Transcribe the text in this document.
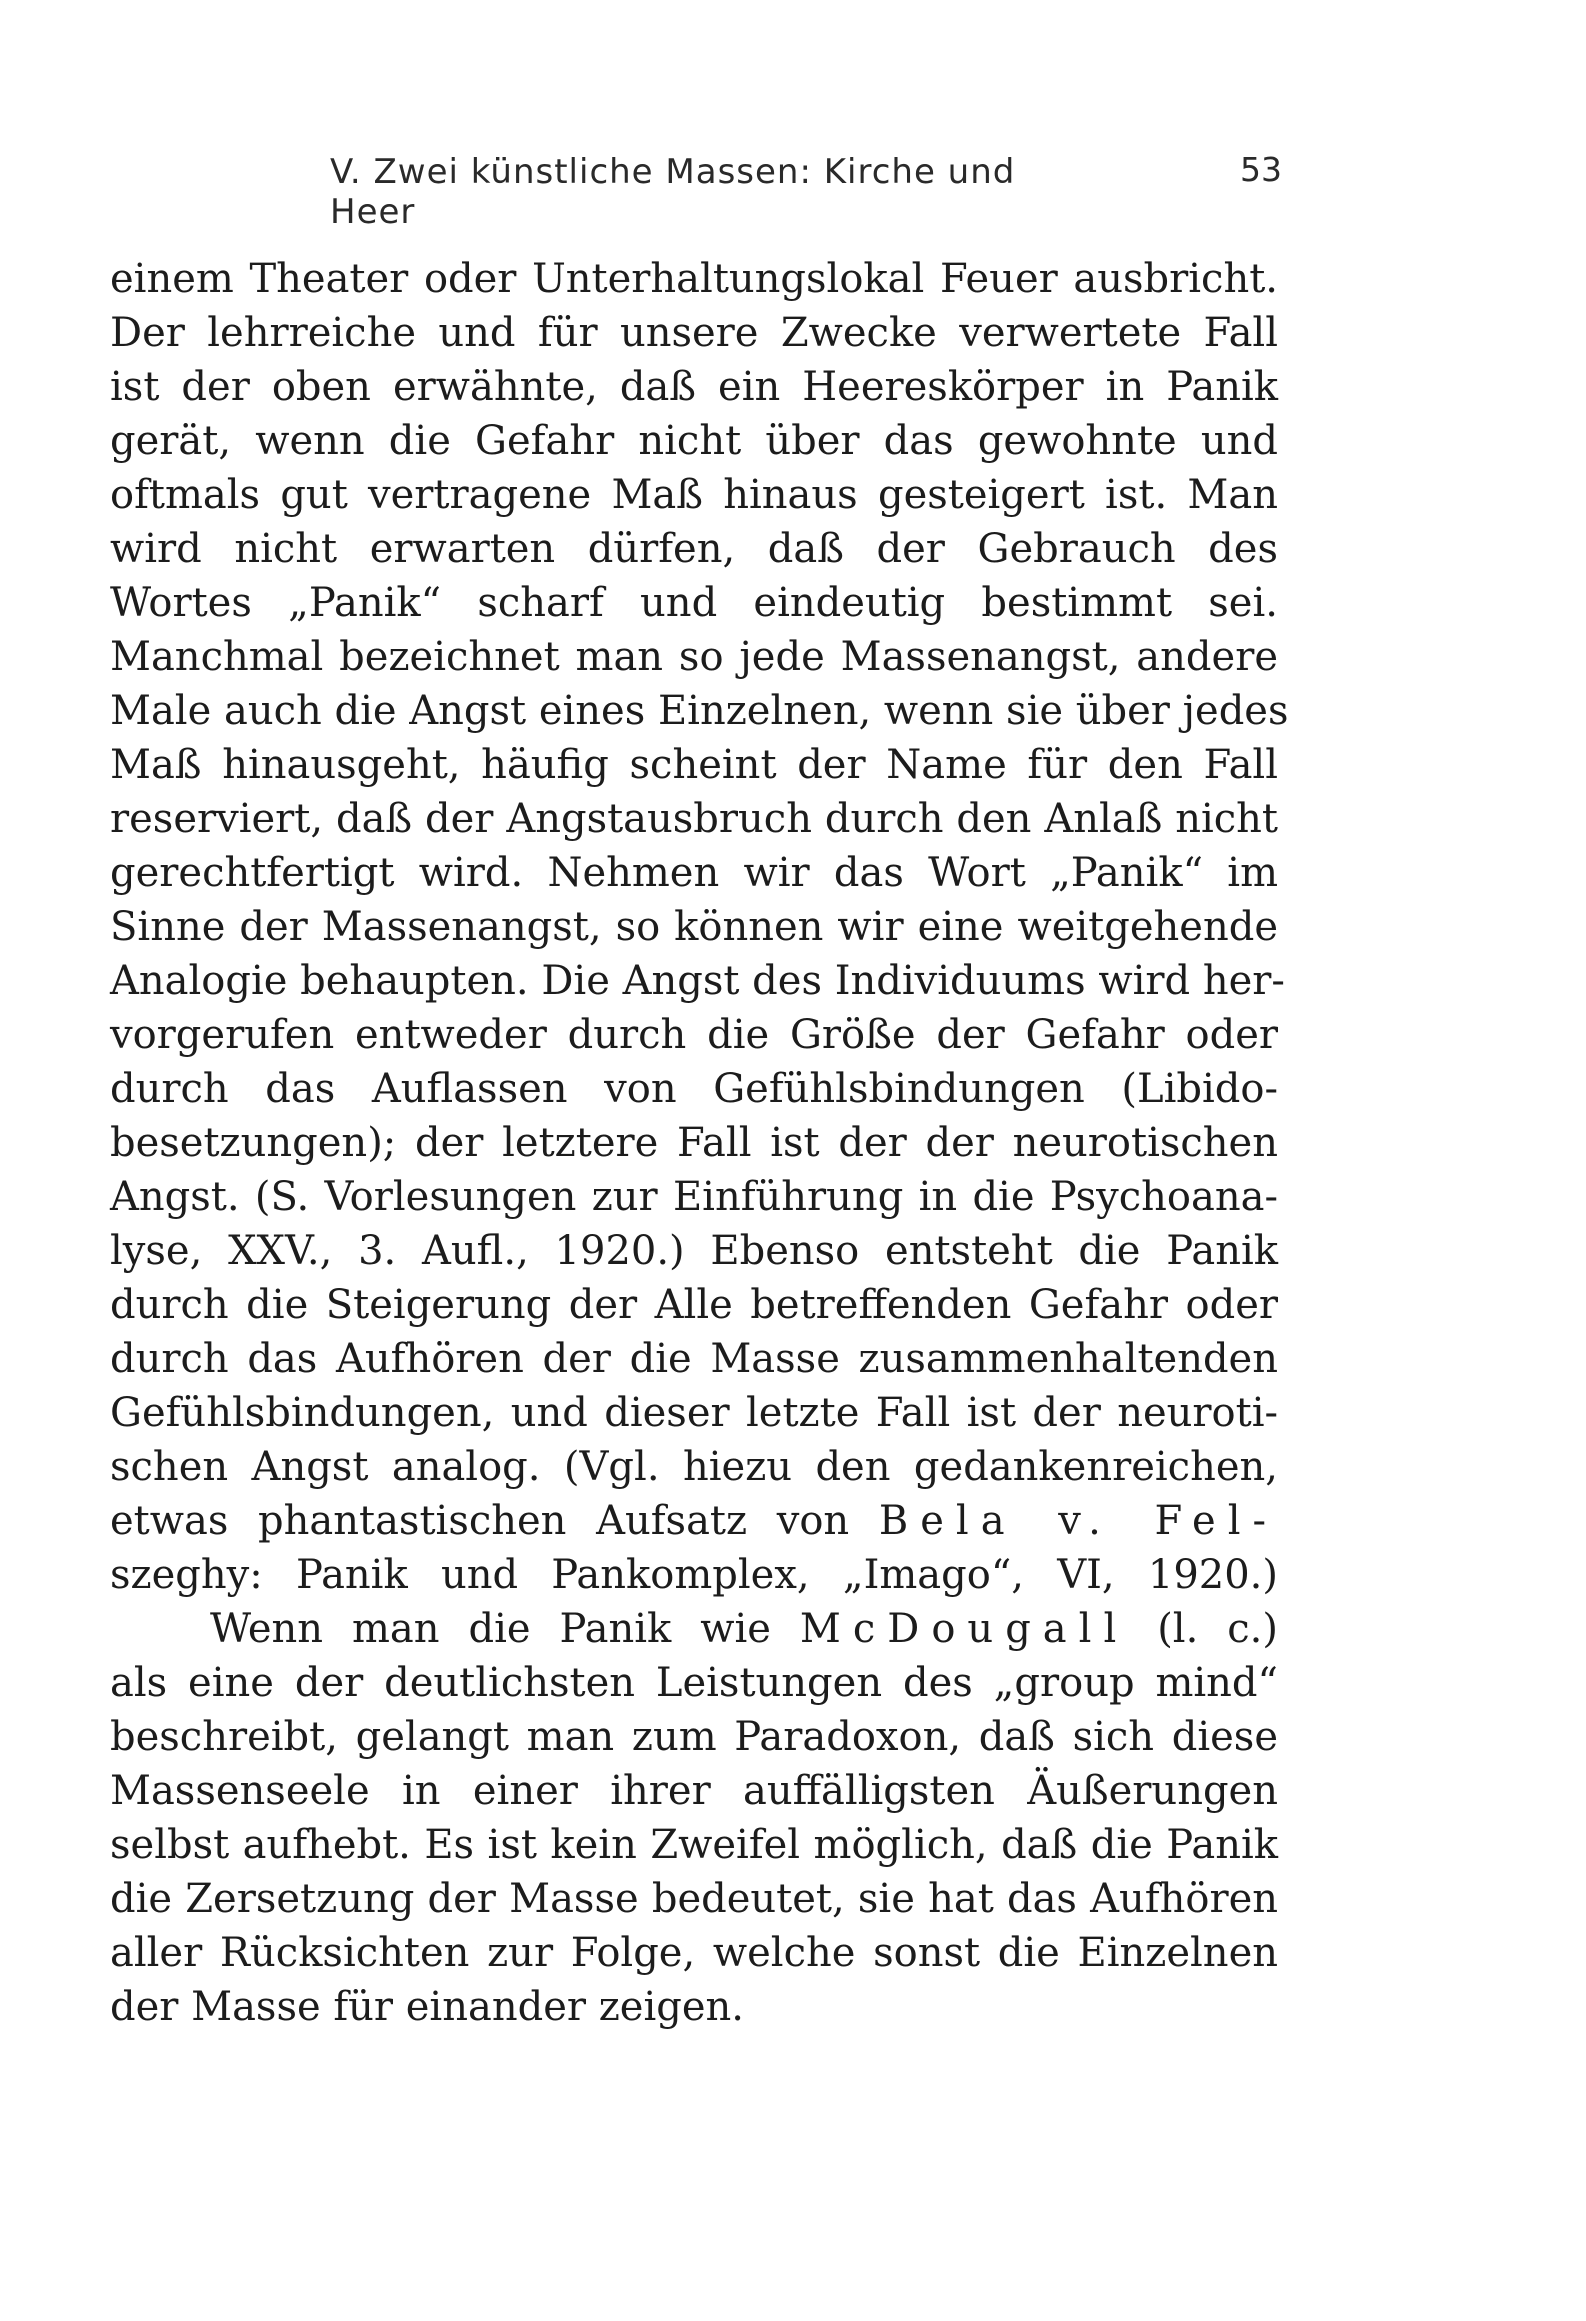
V. Zwei künstliche Massen: Kirche und Heer
53
einem Theater oder Unterhaltungslokal Feuer ausbricht.
Der lehrreiche und für unsere Zwecke verwertete Fall
ist der oben erwähnte, daß ein Heereskörper in Panik
gerät, wenn die Gefahr nicht über das gewohnte und
oftmals gut vertragene Maß hinaus gesteigert ist. Man
wird nicht erwarten dürfen, daß der Gebrauch des
Wortes „Panik“ scharf und eindeutig bestimmt sei.
Manchmal bezeichnet man so jede Massenangst, andere
Male auch die Angst eines Einzelnen, wenn sie über jedes
Maß hinausgeht, häufig scheint der Name für den Fall
reserviert, daß der Angstausbruch durch den Anlaß nicht
gerechtfertigt wird. Nehmen wir das Wort „Panik“ im
Sinne der Massenangst, so können wir eine weitgehende
Analogie behaupten. Die Angst des Individuums wird her-
vorgerufen entweder durch die Größe der Gefahr oder
durch das Auflassen von Gefühlsbindungen (Libido-
besetzungen); der letztere Fall ist der der neurotischen
Angst. (S. Vorlesungen zur Einführung in die Psychoana-
lyse, XXV., 3. Aufl., 1920.) Ebenso entsteht die Panik
durch die Steigerung der Alle betreffenden Gefahr oder
durch das Aufhören der die Masse zusammenhaltenden
Gefühlsbindungen, und dieser letzte Fall ist der neuroti-
schen Angst analog. (Vgl. hiezu den gedankenreichen,
etwas phantastischen Aufsatz von Bela v. Fel-
szeghy: Panik und Pankomplex, „Imago“, VI, 1920.)
Wenn man die Panik wie McDougall (l. c.)
als eine der deutlichsten Leistungen des „group mind“
beschreibt, gelangt man zum Paradoxon, daß sich diese
Massenseele in einer ihrer auffälligsten Äußerungen
selbst aufhebt. Es ist kein Zweifel möglich, daß die Panik
die Zersetzung der Masse bedeutet, sie hat das Aufhören
aller Rücksichten zur Folge, welche sonst die Einzelnen
der Masse für einander zeigen.
